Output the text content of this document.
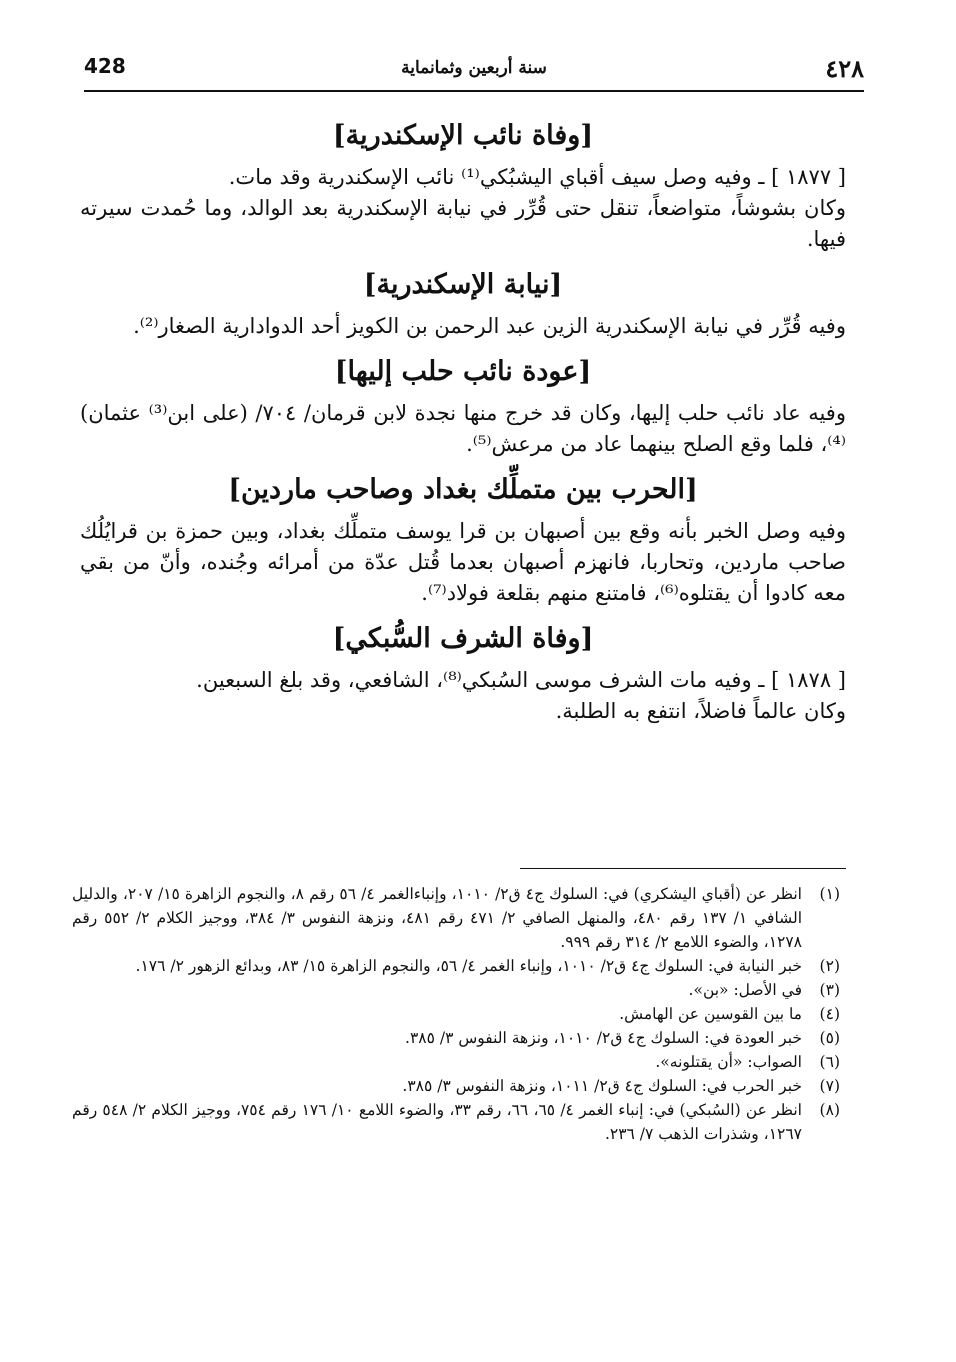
428	سنة أربعين وثمانماية	٤٢٨
[وفاة نائب الإسكندرية]

[ ١٨٧٧ ] ـ وفيه وصل سيف أقباي اليشبُكي⁽¹⁾ نائب الإسكندرية وقد مات.

وكان بشوشاً، متواضعاً، تنقل حتى قُرِّر في نيابة الإسكندرية بعد الوالد، وما حُمدت سيرته فيها.

[نيابة الإسكندرية]

وفيه قُرِّر في نيابة الإسكندرية الزين عبد الرحمن بن الكويز أحد الدوادارية الصغار⁽²⁾.

[عودة نائب حلب إليها]

وفيه عاد نائب حلب إليها، وكان قد خرج منها نجدة لابن قرمان/ ٧٠٤/ (على ابن⁽³⁾ عثمان)⁽⁴⁾، فلما وقع الصلح بينهما عاد من مرعش⁽⁵⁾.

[الحرب بين متملِّك بغداد وصاحب ماردين]

وفيه وصل الخبر بأنه وقع بين أصبهان بن قرا يوسف متملِّك بغداد، وبين حمزة بن قرايُلُك صاحب ماردين، وتحاربا، فانهزم أصبهان بعدما قُتل عدّة من أمرائه وجُنده، وأنّ من بقي معه كادوا أن يقتلوه⁽⁶⁾، فامتنع منهم بقلعة فولاد⁽⁷⁾.

[وفاة الشرف السُّبكي]

[ ١٨٧٨ ] ـ وفيه مات الشرف موسى السُبكي⁽⁸⁾، الشافعي، وقد بلغ السبعين.

وكان عالماً فاضلاً، انتفع به الطلبة.

(١)
انظر عن (أقباي اليشكري) في: السلوك ج٤ ق٢/ ١٠١٠، وإنباءالغمر ٤/ ٥٦ رقم ٨، والنجوم الزاهرة ١٥/ ٢٠٧، والدليل الشافي ١/ ١٣٧ رقم ٤٨٠، والمنهل الصافي ٢/ ٤٧١ رقم ٤٨١، ونزهة النفوس ٣/ ٣٨٤، ووجيز الكلام ٢/ ٥٥٢ رقم ١٢٧٨، والضوء اللامع ٢/ ٣١٤ رقم ٩٩٩.
(٢)
خبر النيابة في: السلوك ج٤ ق٢/ ١٠١٠، وإنباء الغمر ٤/ ٥٦، والنجوم الزاهرة ١٥/ ٨٣، وبدائع الزهور ٢/ ١٧٦.
(٣)
في الأصل: «بن».
(٤)
ما بين القوسين عن الهامش.
(٥)
خبر العودة في: السلوك ج٤ ق٢/ ١٠١٠، ونزهة النفوس ٣/ ٣٨٥.
(٦)
الصواب: «أن يقتلونه».
(٧)
خبر الحرب في: السلوك ج٤ ق٢/ ١٠١١، ونزهة النفوس ٣/ ٣٨٥.
(٨)
انظر عن (السُبكي) في: إنباء الغمر ٤/ ٦٥، ٦٦، رقم ٣٣، والضوء اللامع ١٠/ ١٧٦ رقم ٧٥٤، ووجيز الكلام ٢/ ٥٤٨ رقم ١٢٦٧، وشذرات الذهب ٧/ ٢٣٦.
